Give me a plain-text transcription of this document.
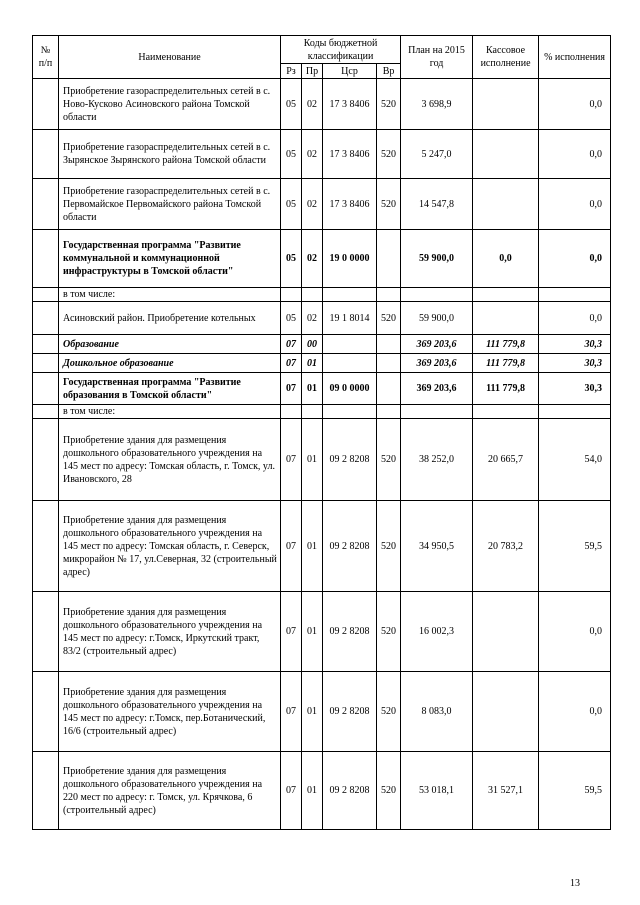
№
п/п	Наименование	Коды бюджетной классификации				План на 2015 год	Кассовое исполнение	% исполнения
		Рз	Пр	Цср	Вр			
	Приобретение газораспределительных сетей в с. Ново-Кусково Асиновского района Томской области	05	02	17 3 8406	520	3 698,9		0,0
	Приобретение газораспределительных сетей в с. Зырянское Зырянского района Томской области	05	02	17 3 8406	520	5 247,0		0,0
	Приобретение газораспределительных сетей в с. Первомайское Первомайского района Томской области	05	02	17 3 8406	520	14 547,8		0,0
	Государственная программа "Развитие коммунальной и коммунационной инфраструктуры в Томской области"	05	02	19 0 0000		59 900,0	0,0	0,0
	в том числе:							
	Асиновский район. Приобретение котельных	05	02	19 1 8014	520	59 900,0		0,0
	Образование	07	00			369 203,6	111 779,8	30,3
	Дошкольное образование	07	01			369 203,6	111 779,8	30,3
	Государственная программа "Развитие образования в Томской области"	07	01	09 0 0000		369 203,6	111 779,8	30,3
	в том числе:							
	Приобретение здания для размещения дошкольного образовательного учреждения на 145 мест по адресу: Томская область, г. Томск, ул. Ивановского, 28	07	01	09 2 8208	520	38 252,0	20 665,7	54,0
	Приобретение здания для размещения дошкольного образовательного учреждения на 145 мест по адресу: Томская область, г. Северск, микрорайон № 17, ул.Северная, 32 (строительный адрес)	07	01	09 2 8208	520	34 950,5	20 783,2	59,5
	Приобретение здания для размещения дошкольного образовательного учреждения на 145 мест по адресу: г.Томск, Иркутский тракт, 83/2 (строительный адрес)	07	01	09 2 8208	520	16 002,3		0,0
	Приобретение здания для размещения дошкольного образовательного учреждения на 145 мест по адресу: г.Томск, пер.Ботанический, 16/6 (строительный адрес)	07	01	09 2 8208	520	8 083,0		0,0
	Приобретение здания для размещения дошкольного образовательного учреждения на 220 мест по адресу: г. Томск, ул. Крячкова, 6 (строительный адрес)	07	01	09 2 8208	520	53 018,1	31 527,1	59,5
13
